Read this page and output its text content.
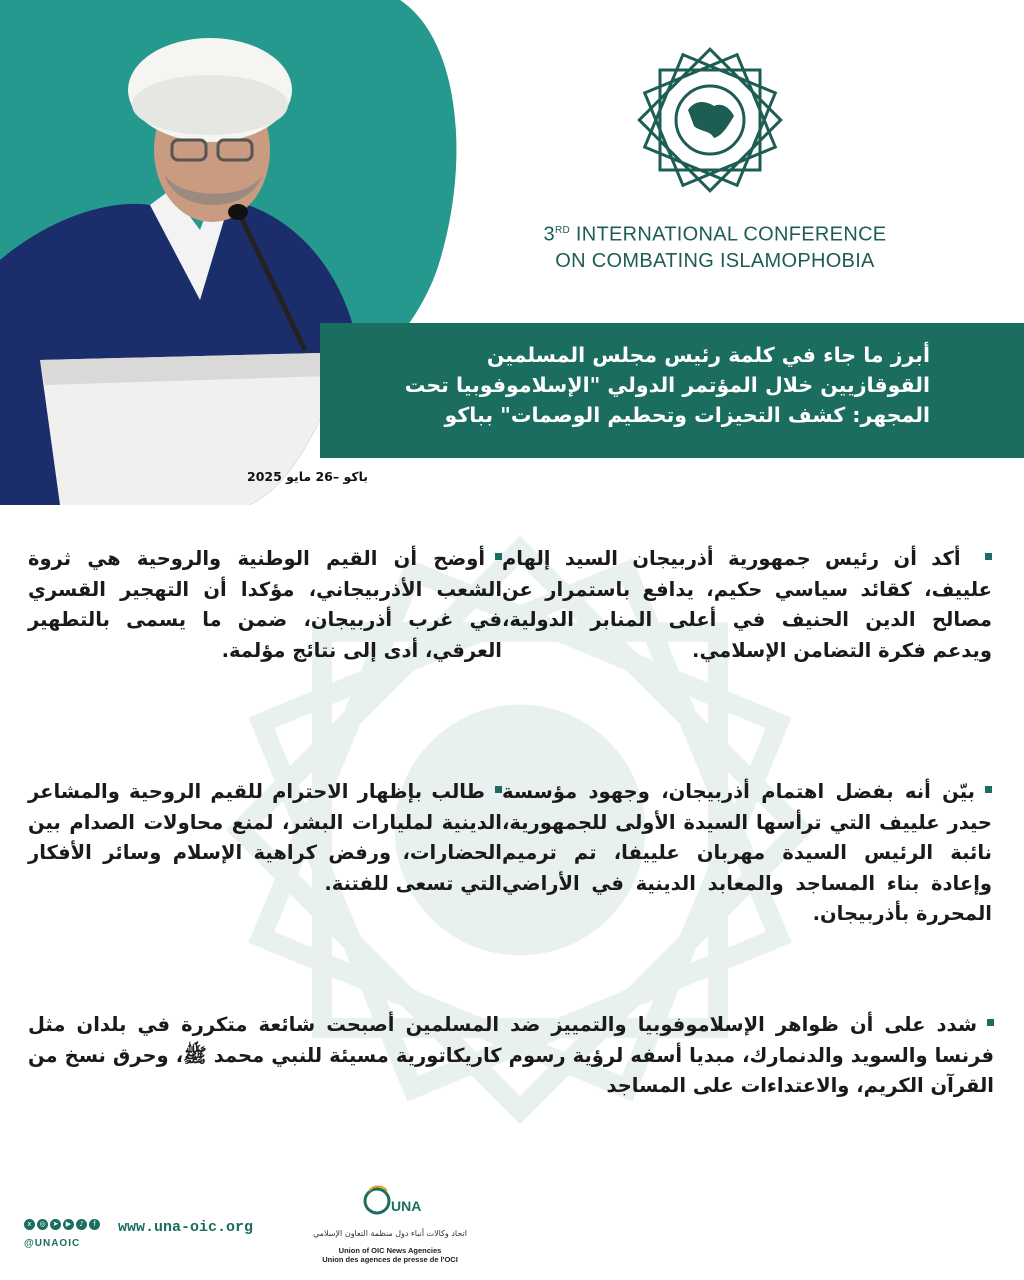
3RD INTERNATIONAL CONFERENCE
ON COMBATING ISLAMOPHOBIA
أبرز ما جاء في كلمة رئيس مجلس المسلمين
القوقازيين خلال المؤتمر الدولي "الإسلاموفوبيا تحت
المجهر: كشف التحيزات وتحطيم الوصمات" بباكو
باكو –26 مايو 2025
أكد أن رئيس جمهورية أذربيجان السيد إلهام علييف، كقائد سياسي حكيم، يدافع باستمرار عن مصالح الدين الحنيف في أعلى المنابر الدولية، ويدعم فكرة التضامن الإسلامي.
أوضح أن القيم الوطنية والروحية هي ثروة الشعب الأذربيجاني، مؤكدا أن التهجير القسري في غرب أذربيجان، ضمن ما يسمى بالتطهير العرقي، أدى إلى نتائج مؤلمة.
بيّن أنه بفضل اهتمام أذربيجان، وجهود مؤسسة حيدر علييف التي ترأسها السيدة الأولى للجمهورية، نائبة الرئيس السيدة مهربان علييفا، تم ترميم وإعادة بناء المساجد والمعابد الدينية في الأراضي المحررة بأذربيجان.
طالب بإظهار الاحترام للقيم الروحية والمشاعر الدينية لمليارات البشر، لمنع محاولات الصدام بين الحضارات، ورفض كراهية الإسلام وسائر الأفكار التي تسعى للفتنة.
شدد على أن ظواهر الإسلاموفوبيا والتمييز ضد المسلمين أصبحت شائعة متكررة في بلدان مثل فرنسا والسويد والدنمارك، مبديا أسفه لرؤية رسوم كاريكاتورية مسيئة للنبي محمد ﷺ، وحرق نسخ من القرآن الكريم، والاعتداءات على المساجد
x	◎	➤	▶	♪	f
@UNAOIC
www.una-oic.org
UNA
اتحاد وكالات أنباء دول منظمة التعاون الإسلامي
Union of OIC News Agencies
Union des agences de presse de l'OCI
